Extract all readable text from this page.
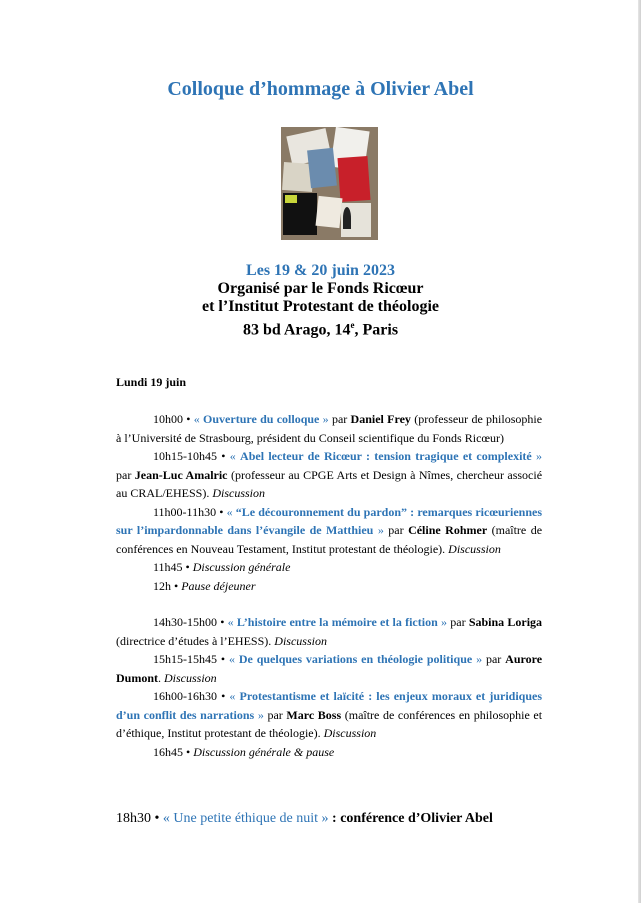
Colloque d’hommage à Olivier Abel
Les 19 & 20 juin 2023
Organisé par le Fonds Ricœur
et l’Institut Protestant de théologie
83 bd Arago, 14e, Paris
Lundi 19 juin

10h00 • « Ouverture du colloque » par Daniel Frey (professeur de philosophie à l’Université de Strasbourg, président du Conseil scientifique du Fonds Ricœur)

10h15-10h45 • « Abel lecteur de Ricœur : tension tragique et complexité » par Jean-Luc Amalric (professeur au CPGE Arts et Design à Nîmes, chercheur associé au CRAL/EHESS). Discussion

11h00-11h30 • « “Le découronnement du pardon” : remarques ricœuriennes sur l’impardonnable dans l’évangile de Matthieu » par Céline Rohmer (maître de conférences en Nouveau Testament, Institut protestant de théologie). Discussion

11h45 • Discussion générale

12h • Pause déjeuner

14h30-15h00 • « L’histoire entre la mémoire et la fiction » par Sabina Loriga (directrice d’études à l’EHESS). Discussion

15h15-15h45 • « De quelques variations en théologie politique » par Aurore Dumont. Discussion

16h00-16h30 • « Protestantisme et laïcité : les enjeux moraux et juridiques d’un conflit des narrations » par Marc Boss (maître de conférences en philosophie et d’éthique, Institut protestant de théologie). Discussion

16h45 • Discussion générale & pause

18h30 • « Une petite éthique de nuit » : conférence d’Olivier Abel
